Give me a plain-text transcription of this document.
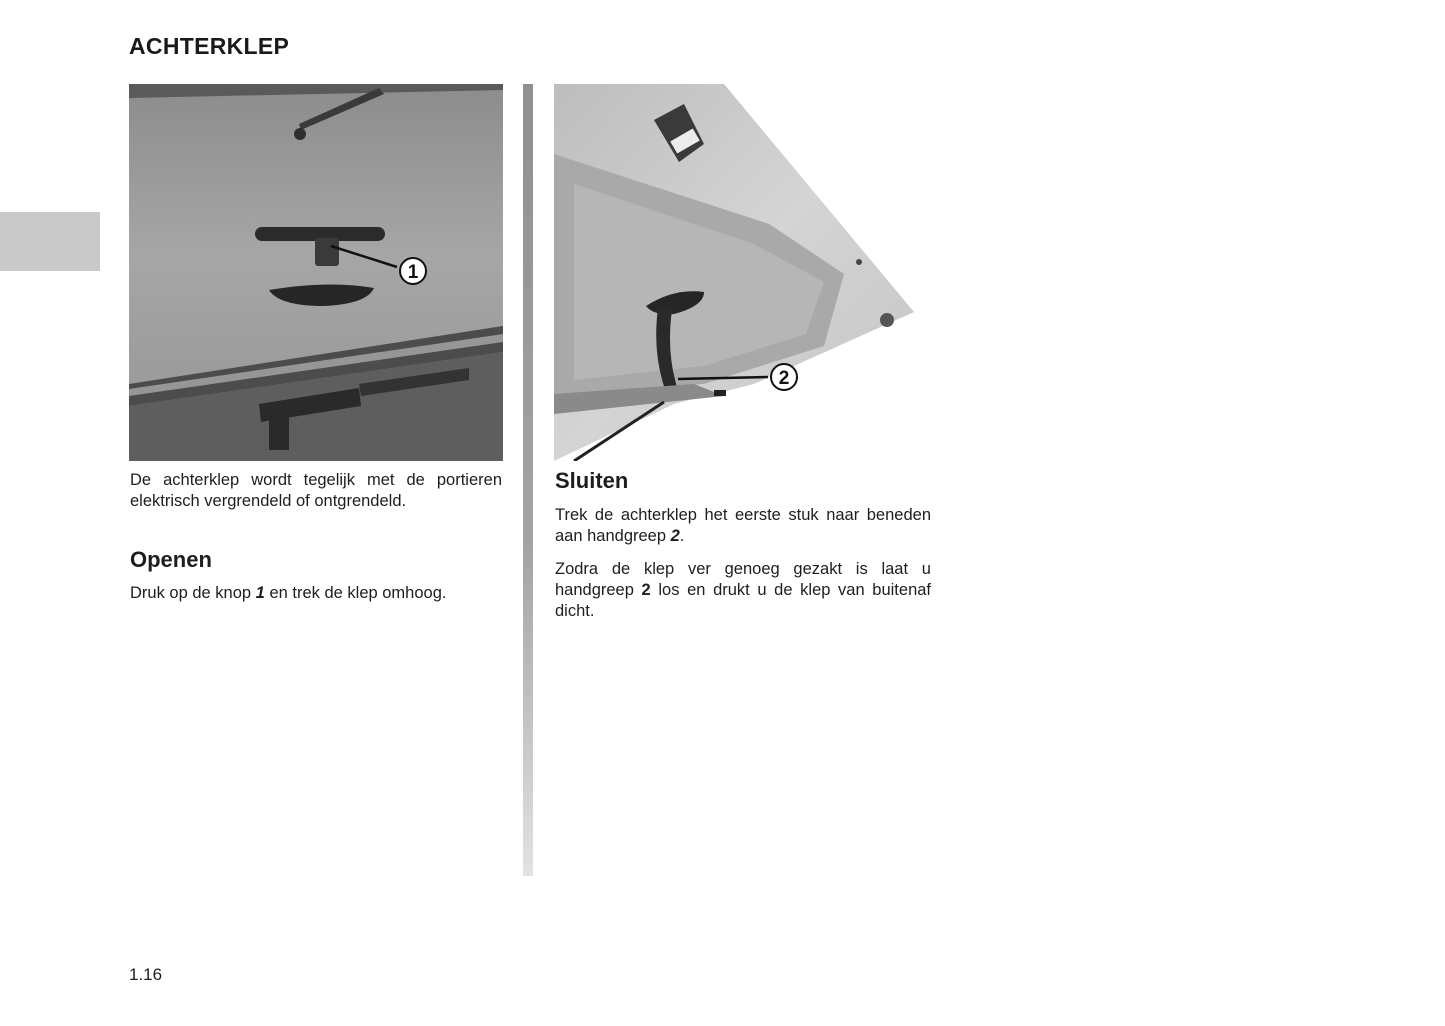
ACHTERKLEP
1
2

De achterklep wordt tegelijk met de portieren elektrisch vergrendeld of ontgrendeld.

Openen

Druk op de knop 1 en trek de klep omhoog.

Sluiten

Trek de achterklep het eerste stuk naar beneden aan handgreep 2.

Zodra de klep ver genoeg gezakt is laat u handgreep 2 los en drukt u de klep van buitenaf dicht.

1.16
